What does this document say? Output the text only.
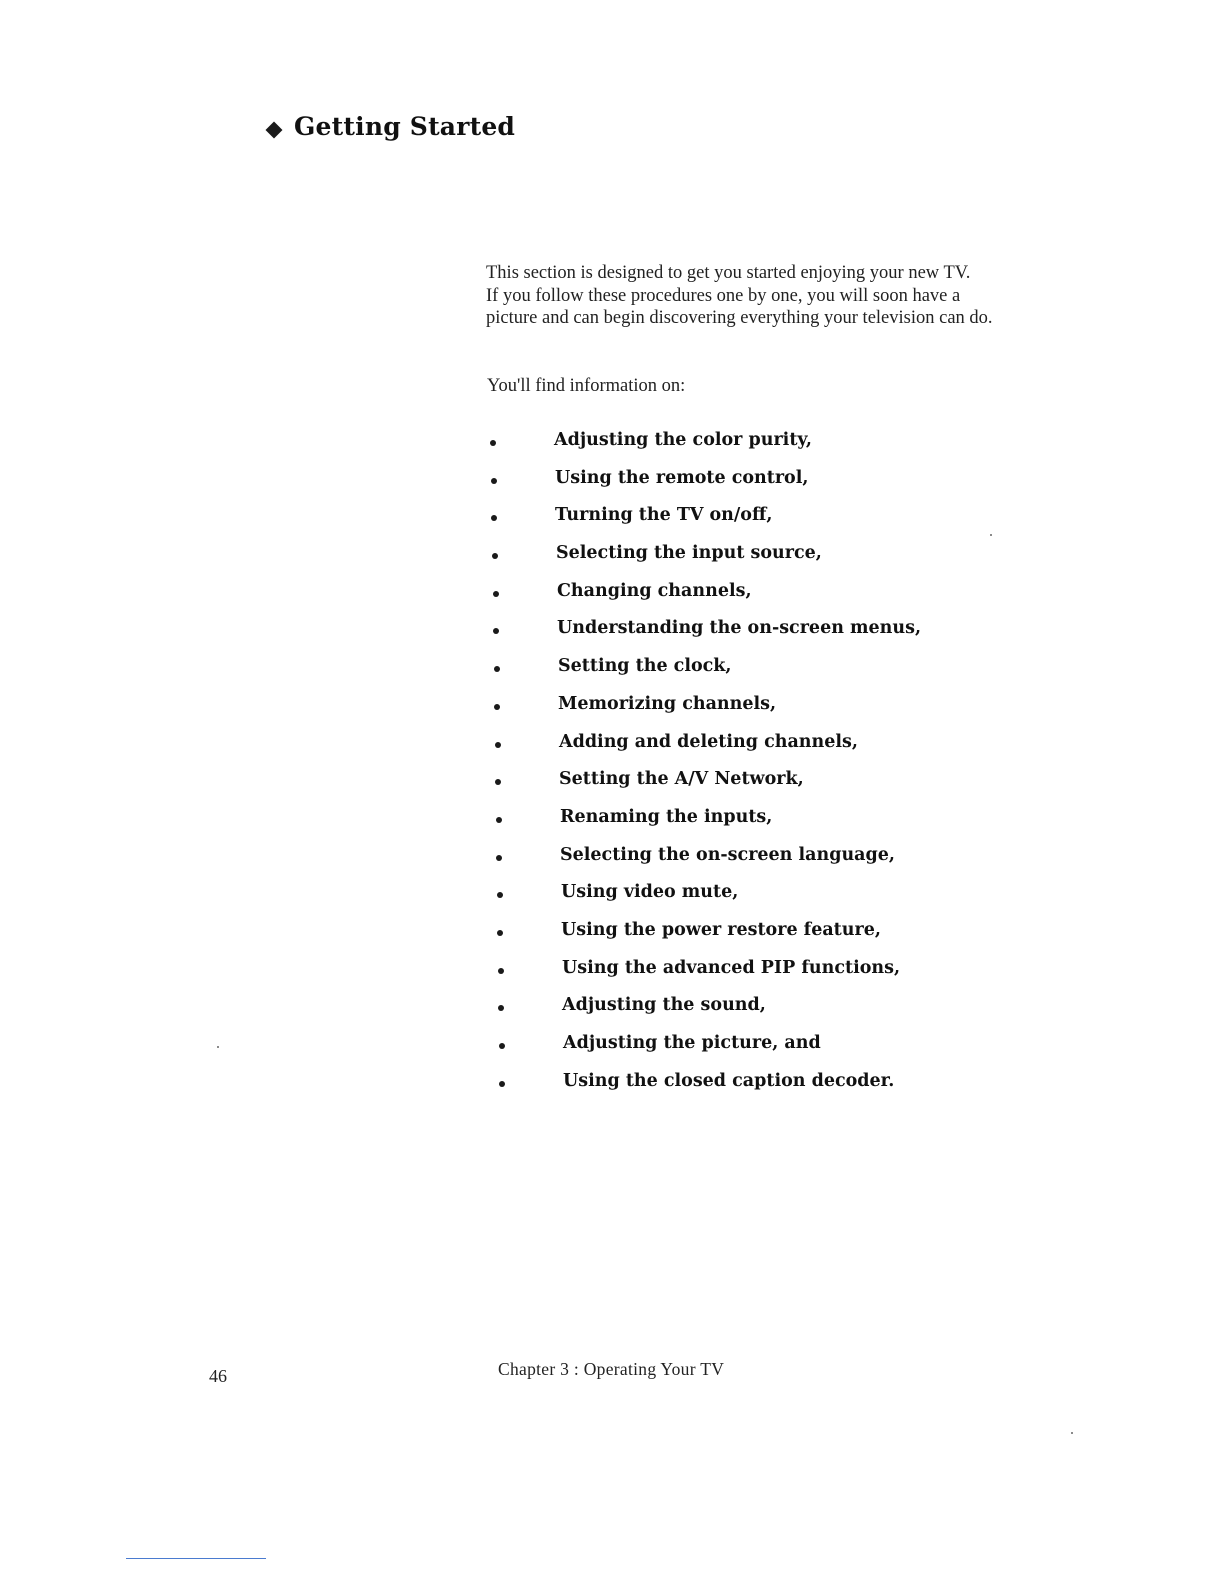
Getting Started
This section is designed to get you started enjoying your new TV.
If you follow these procedures one by one, you will soon have a
picture and can begin discovering everything your television can do.
You'll find information on:
Adjusting the color purity,
Using the remote control,
Turning the TV on/off,
Selecting the input source,
Changing channels,
Understanding the on-screen menus,
Setting the clock,
Memorizing channels,
Adding and deleting channels,
Setting the A/V Network,
Renaming the inputs,
Selecting the on-screen language,
Using video mute,
Using the power restore feature,
Using the advanced PIP functions,
Adjusting the sound,
Adjusting the picture, and
Using the closed caption decoder.
46	Chapter 3 : Operating Your TV
